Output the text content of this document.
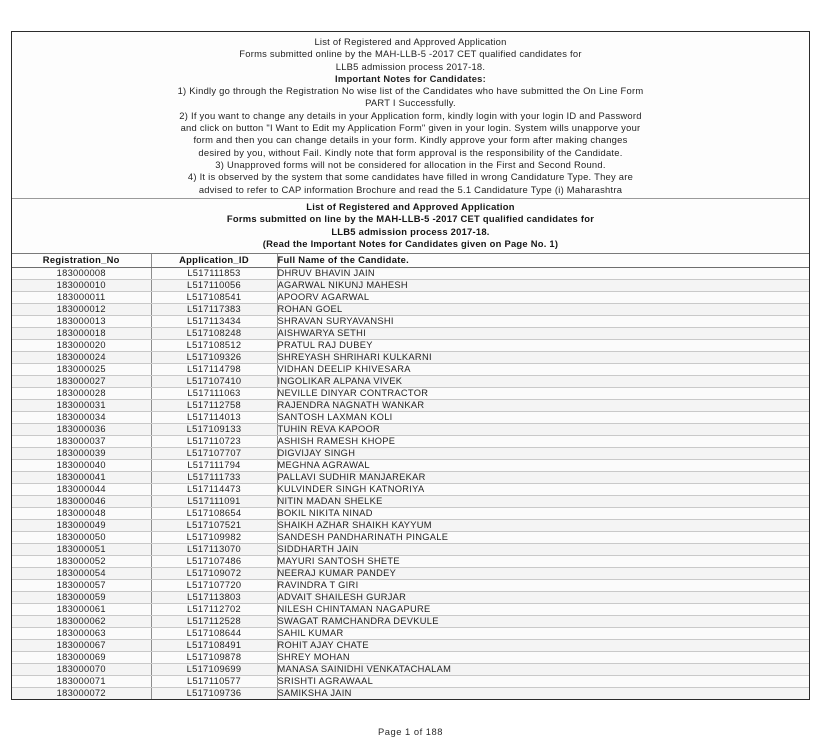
List of Registered and Approved Application
Forms submitted online by the MAH-LLB-5 -2017 CET qualified candidates for
LLB5 admission process 2017-18.
Important Notes for Candidates:
1) Kindly go through the Registration No wise list of the Candidates who have submitted the On Line Form
PART I Successfully.
2) If you want to change any details in your Application form, kindly login with your login ID and Password
and click on button "I Want to Edit my Application Form" given in your login. System wills unapporve your
form and then you can change details in your form. Kindly approve your form after making changes
desired by you, without Fail. Kindly note that form approval is the responsibility of the Candidate.
3) Unapproved forms will not be considered for allocation in the First and Second Round.
4) It is observed by the system that some candidates have filled in wrong Candidature Type. They are
advised to refer to CAP information Brochure and read the 5.1 Candidature Type (i) Maharashtra
List of Registered and Approved Application
Forms submitted on line by the MAH-LLB-5 -2017 CET qualified candidates for
LLB5 admission process 2017-18.
(Read the Important Notes for Candidates given on Page No. 1)
Registration_No	Application_ID	Full Name of the Candidate.
183000008	L517111853	DHRUV BHAVIN JAIN
183000010	L517110056	AGARWAL NIKUNJ MAHESH
183000011	L517108541	APOORV AGARWAL
183000012	L517117383	ROHAN GOEL
183000013	L517113434	SHRAVAN SURYAVANSHI
183000018	L517108248	AISHWARYA SETHI
183000020	L517108512	PRATUL RAJ DUBEY
183000024	L517109326	SHREYASH SHRIHARI KULKARNI
183000025	L517114798	VIDHAN DEELIP KHIVESARA
183000027	L517107410	INGOLIKAR ALPANA VIVEK
183000028	L517111063	NEVILLE DINYAR CONTRACTOR
183000031	L517112758	RAJENDRA NAGNATH WANKAR
183000034	L517114013	SANTOSH LAXMAN KOLI
183000036	L517109133	TUHIN REVA KAPOOR
183000037	L517110723	ASHISH RAMESH KHOPE
183000039	L517107707	DIGVIJAY SINGH
183000040	L517111794	MEGHNA AGRAWAL
183000041	L517111733	PALLAVI SUDHIR MANJAREKAR
183000044	L517114473	KULVINDER SINGH KATNORIYA
183000046	L517111091	NITIN MADAN SHELKE
183000048	L517108654	BOKIL NIKITA NINAD
183000049	L517107521	SHAIKH AZHAR SHAIKH KAYYUM
183000050	L517109982	SANDESH PANDHARINATH PINGALE
183000051	L517113070	SIDDHARTH JAIN
183000052	L517107486	MAYURI SANTOSH SHETE
183000054	L517109072	NEERAJ KUMAR PANDEY
183000057	L517107720	RAVINDRA T GIRI
183000059	L517113803	ADVAIT SHAILESH GURJAR
183000061	L517112702	NILESH CHINTAMAN NAGAPURE
183000062	L517112528	SWAGAT RAMCHANDRA DEVKULE
183000063	L517108644	SAHIL KUMAR
183000067	L517108491	ROHIT AJAY CHATE
183000069	L517109878	SHREY MOHAN
183000070	L517109699	MANASA SAINIDHI VENKATACHALAM
183000071	L517110577	SRISHTI AGRAWAAL
183000072	L517109736	SAMIKSHA JAIN
Page 1 of 188
